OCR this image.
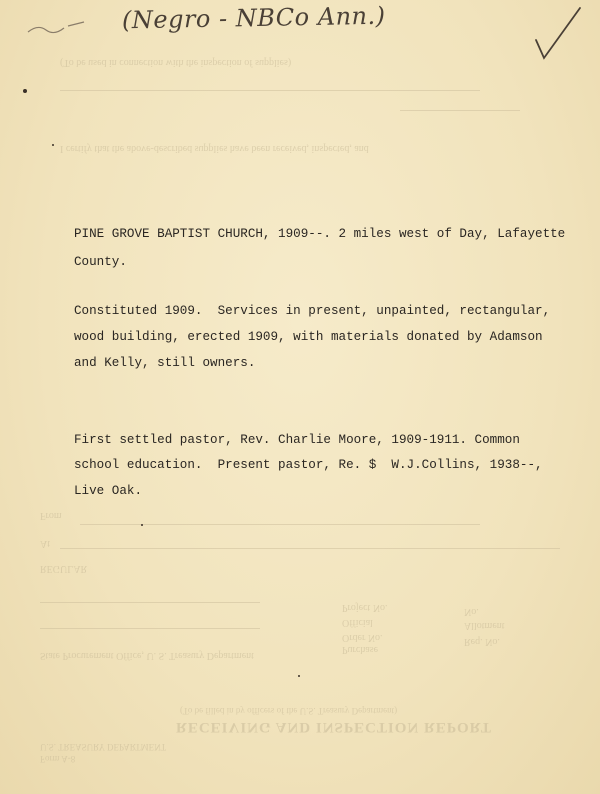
(To be used in connection with the inspection of supplies)
I certify that the above-described supplies have been received, inspected, and
From
At
REGULAR
Project No.
Official
Order No.
Purchase
No.
Allotment
Req. No.
State Procurement Office, U. S. Treasury Department
(To be filled in by officers of the U.S. Treasury Department)
RECEIVING AND INSPECTION REPORT
U.S. TREASURY DEPARTMENT
Form A-8
(Negro - NBCo Ann.)
PINE GROVE BAPTIST CHURCH, 1909--. 2 miles west of Day, Lafayette
County.
Constituted 1909.  Services in present, unpainted, rectangular,
wood building, erected 1909, with materials donated by Adamson
and Kelly, still owners.
First settled pastor, Rev. Charlie Moore, 1909-1911. Common
school education.  Present pastor, Re. $  W.J.Collins, 1938--,
Live Oak.
